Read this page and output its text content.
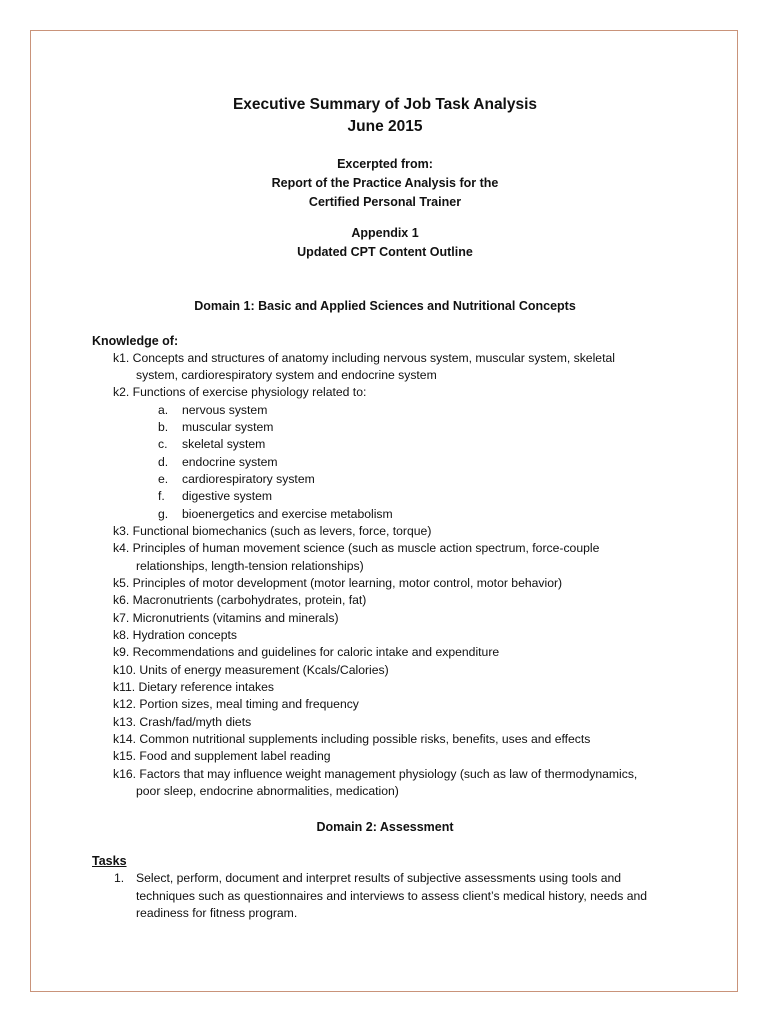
Executive Summary of Job Task Analysis
June 2015
Excerpted from:
Report of the Practice Analysis for the
Certified Personal Trainer
Appendix 1
Updated CPT Content Outline
Domain 1: Basic and Applied Sciences and Nutritional Concepts
Knowledge of:
k1. Concepts and structures of anatomy including nervous system, muscular system, skeletal
system, cardiorespiratory system and endocrine system
k2. Functions of exercise physiology related to:
a. nervous system
b. muscular system
c. skeletal system
d. endocrine system
e. cardiorespiratory system
f. digestive system
g. bioenergetics and exercise metabolism
k3. Functional biomechanics (such as levers, force, torque)
k4. Principles of human movement science (such as muscle action spectrum, force-couple
relationships, length-tension relationships)
k5. Principles of motor development (motor learning, motor control, motor behavior)
k6. Macronutrients (carbohydrates, protein, fat)
k7. Micronutrients (vitamins and minerals)
k8. Hydration concepts
k9. Recommendations and guidelines for caloric intake and expenditure
k10. Units of energy measurement (Kcals/Calories)
k11. Dietary reference intakes
k12. Portion sizes, meal timing and frequency
k13. Crash/fad/myth diets
k14. Common nutritional supplements including possible risks, benefits, uses and effects
k15. Food and supplement label reading
k16. Factors that may influence weight management physiology (such as law of thermodynamics,
poor sleep, endocrine abnormalities, medication)
Domain 2: Assessment
Tasks
1. Select, perform, document and interpret results of subjective assessments using tools and
techniques such as questionnaires and interviews to assess client’s medical history, needs and
readiness for fitness program.
